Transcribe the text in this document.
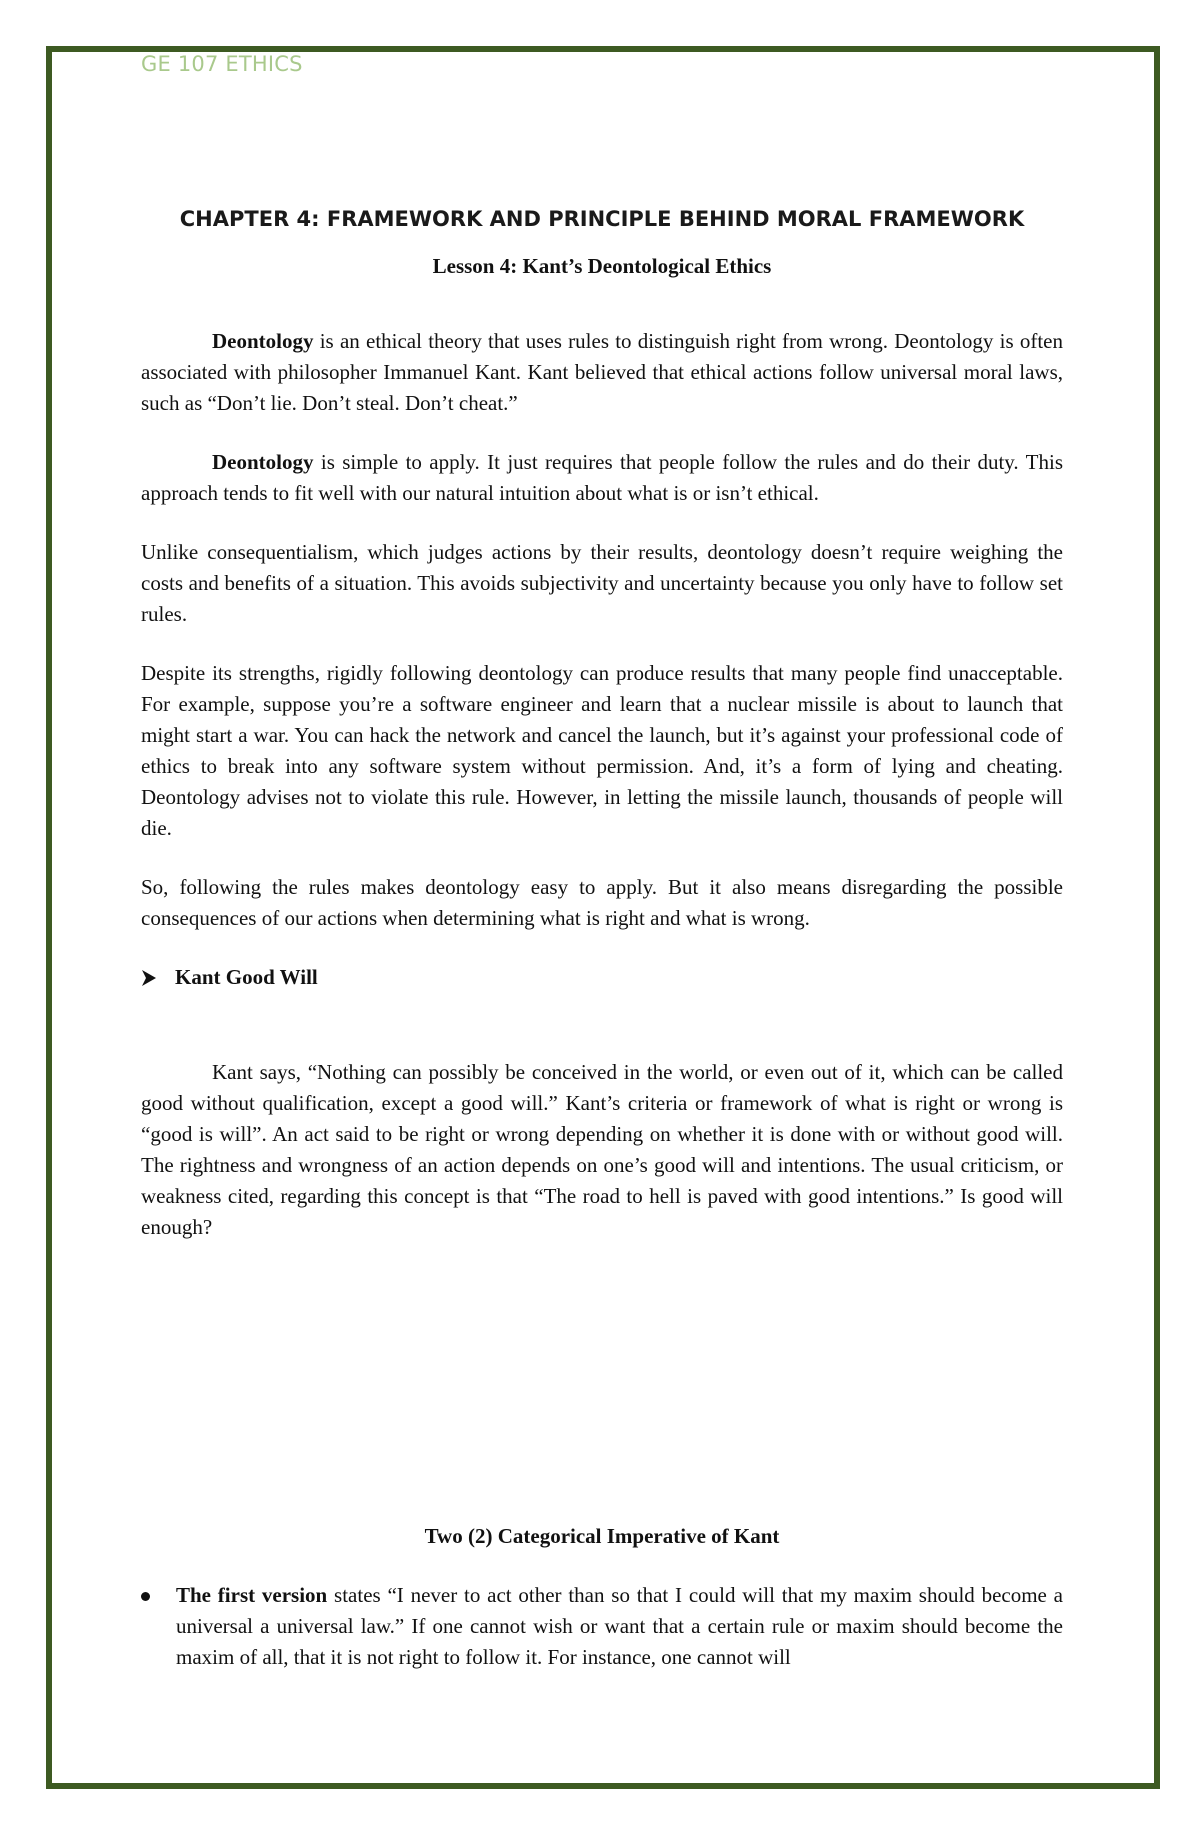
GE 107 ETHICS
CHAPTER 4: FRAMEWORK AND PRINCIPLE BEHIND MORAL FRAMEWORK
Lesson 4: Kant’s Deontological Ethics

Deontology is an ethical theory that uses rules to distinguish right from wrong. Deontology is often associated with philosopher Immanuel Kant. Kant believed that ethical actions follow universal moral laws, such as “Don’t lie. Don’t steal. Don’t cheat.”

Deontology is simple to apply. It just requires that people follow the rules and do their duty. This approach tends to fit well with our natural intuition about what is or isn’t ethical.

Unlike consequentialism, which judges actions by their results, deontology doesn’t require weighing the costs and benefits of a situation. This avoids subjectivity and uncertainty because you only have to follow set rules.

Despite its strengths, rigidly following deontology can produce results that many people find unacceptable. For example, suppose you’re a software engineer and learn that a nuclear missile is about to launch that might start a war. You can hack the network and cancel the launch, but it’s against your professional code of ethics to break into any software system without permission. And, it’s a form of lying and cheating. Deontology advises not to violate this rule. However, in letting the missile launch, thousands of people will die.

So, following the rules makes deontology easy to apply. But it also means disregarding the possible consequences of our actions when determining what is right and what is wrong.

Kant Good Will

Kant says, “Nothing can possibly be conceived in the world, or even out of it, which can be called good without qualification, except a good will.” Kant’s criteria or framework of what is right or wrong is “good is will”. An act said to be right or wrong depending on whether it is done with or without good will. The rightness and wrongness of an action depends on one’s good will and intentions. The usual criticism, or weakness cited, regarding this concept is that “The road to hell is paved with good intentions.” Is good will enough?

Two (2) Categorical Imperative of Kant
The first version states “I never to act other than so that I could will that my maxim should become a universal a universal law.” If one cannot wish or want that a certain rule or maxim should become the maxim of all, that it is not right to follow it. For instance, one cannot will
